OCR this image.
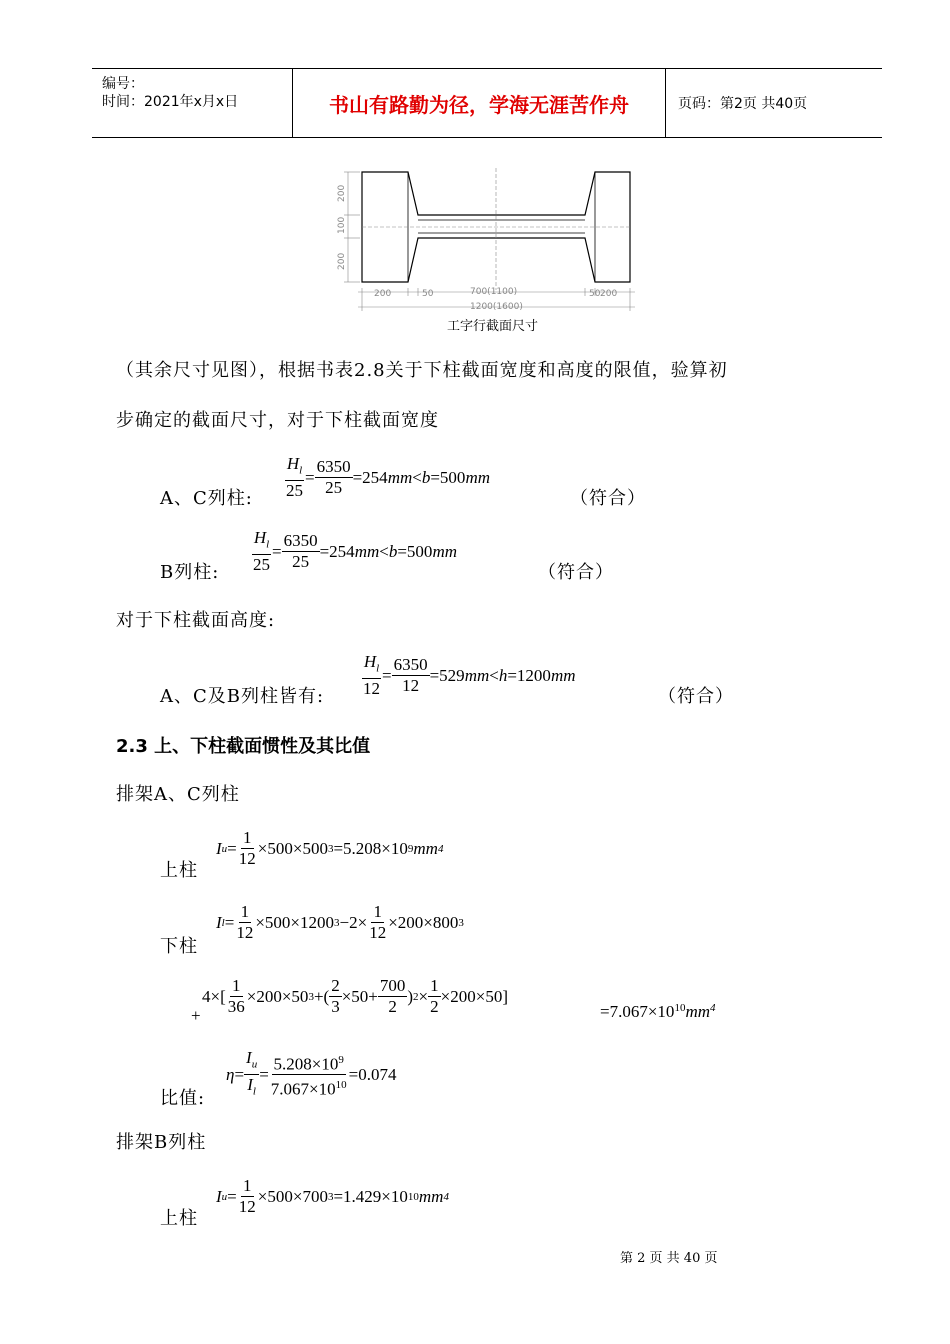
编号：
时间：2021年x月x日	书山有路勤为径，学海无涯苦作舟	页码：第2页 共40页
200
100
200
200	50	700(1100)	50 200
1200(1600)
工字行截面尺寸
（其余尺寸见图），根据书表2.8关于下柱截面宽度和高度的限值，验算初
步确定的截面尺寸，对于下柱截面宽度
A、C列柱: $\frac{H_l}{25} = \frac{6350}{25} =254$ mm < b =500 mm
（符合）
B列柱: $\frac{H_l}{25} = \frac{6350}{25} =254$ mm < b =500 mm
（符合）
对于下柱截面高度:
A、C及B列柱皆有: $\frac{H_l}{12} = \frac{6350}{12} =529$ mm < h =1200 mm
（符合）
2.3 上、下柱截面惯性及其比值
排架A、C列柱
上柱
I $u = \frac{1}{12} \times 500\times 500$ 3 =5.208×10 9 mm 4
下柱
I $l = \frac{1}{12} \times 500\times 1200$ $3 -2\times \frac{1}{12} \times 200\times 800$ 3
+
$4\times[ \frac{1}{36} \times 200\times 50$ 3 +( $\frac{2}{3} \times 50+ \frac{700}{2}$ ) $2 \times \frac{1}{2} \times 200\times 50$]
$=7.067\times 10^{10}$ $mm^4$
比值:
$\eta = \frac{I_u}{I_l} = \frac{5.208\times 10^9}{7.067\times 10^{10}} =0.074$
排架B列柱
上柱
I $u = \frac{1}{12} \times 500\times 700$ 3 =1.429×10 10 mm 4
第 2 页 共 40 页
